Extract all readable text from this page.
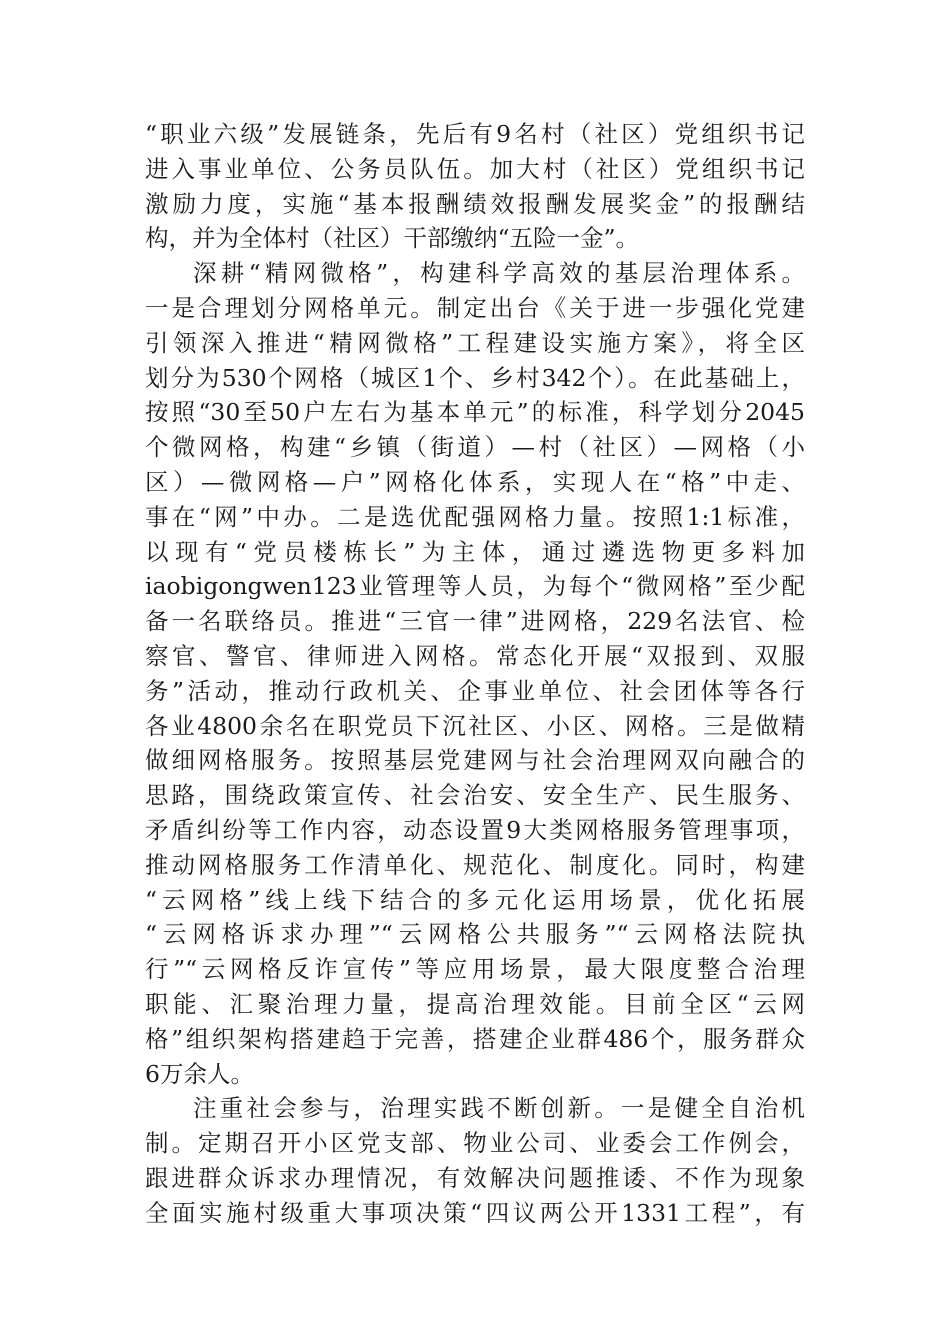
“职业六级”发展链条，先后有9名村（社区）党组织书记
进入事业单位、公务员队伍。加大村（社区）党组织书记
激励力度，实施“基本报酬绩效报酬发展奖金”的报酬结
构，并为全体村（社区）干部缴纳“五险一金”。
深耕“精网微格”，构建科学高效的基层治理体系。
一是合理划分网格单元。制定出台《关于进一步强化党建
引领深入推进“精网微格”工程建设实施方案》，将全区
划分为530个网格（城区1个、乡村342个）。在此基础上，
按照“30至50户左右为基本单元”的标准，科学划分2045
个微网格，构建“乡镇（街道）—村（社区）—网格（小
区）—微网格—户”网格化体系，实现人在“格”中走、
事在“网”中办。二是选优配强网格力量。按照1:1标准，
以现有“党员楼栋长”为主体，通过遴选物更多料加
iaobigongwen123业管理等人员，为每个“微网格”至少配
备一名联络员。推进“三官一律”进网格，229名法官、检
察官、警官、律师进入网格。常态化开展“双报到、双服
务”活动，推动行政机关、企事业单位、社会团体等各行
各业4800余名在职党员下沉社区、小区、网格。三是做精
做细网格服务。按照基层党建网与社会治理网双向融合的
思路，围绕政策宣传、社会治安、安全生产、民生服务、
矛盾纠纷等工作内容，动态设置9大类网格服务管理事项，
推动网格服务工作清单化、规范化、制度化。同时，构建
“云网格”线上线下结合的多元化运用场景，优化拓展
“云网格诉求办理”“云网格公共服务”“云网格法院执
行”“云网格反诈宣传”等应用场景，最大限度整合治理
职能、汇聚治理力量，提高治理效能。目前全区“云网
格”组织架构搭建趋于完善，搭建企业群486个，服务群众
6万余人。
注重社会参与，治理实践不断创新。一是健全自治机
制。定期召开小区党支部、物业公司、业委会工作例会，
跟进群众诉求办理情况，有效解决问题推诿、不作为现象
全面实施村级重大事项决策“四议两公开1331工程”，有
